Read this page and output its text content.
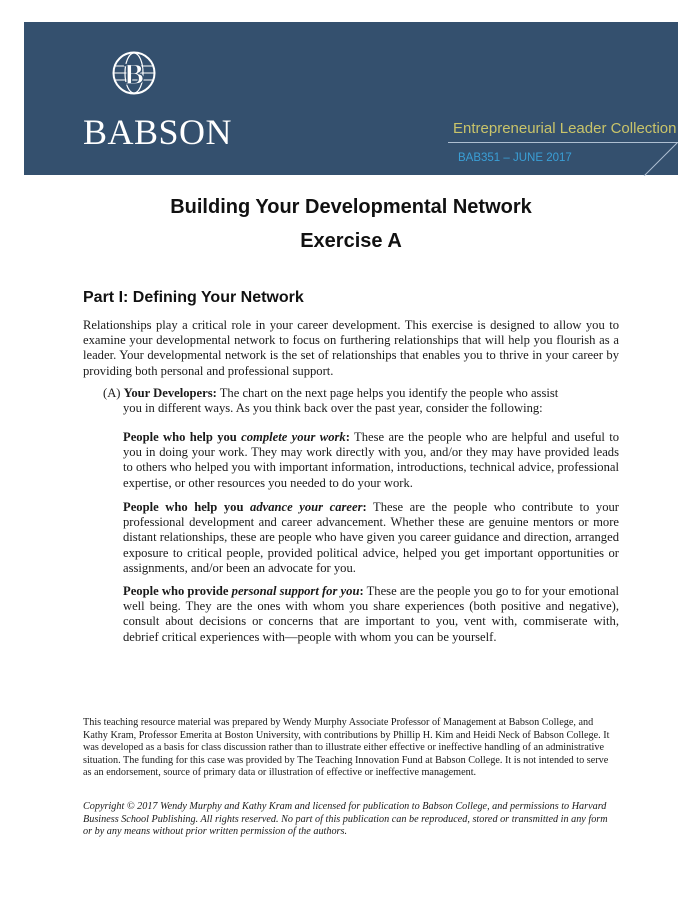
B
BABSON	Entrepreneurial Leader Collection
BAB351 – JUNE 2017
Building Your Developmental Network
Exercise A
Part I: Defining Your Network

Relationships play a critical role in your career development. This exercise is designed to allow you to examine your developmental network to focus on furthering relationships that will help you flourish as a leader. Your developmental network is the set of relationships that enables you to thrive in your career by providing both personal and professional support.

(A) Your Developers: The chart on the next page helps you identify the people who assist
you in different ways. As you think back over the past year, consider the following:

People who help you complete your work: These are the people who are helpful and useful to you in doing your work. They may work directly with you, and/or they may have provided leads to others who helped you with important information, introductions, technical advice, professional expertise, or other resources you needed to do your work.

People who help you advance your career: These are the people who contribute to your professional development and career advancement. Whether these are genuine mentors or more distant relationships, these are people who have given you career guidance and direction, arranged exposure to critical people, provided political advice, helped you get important opportunities or assignments, and/or been an advocate for you.

People who provide personal support for you: These are the people you go to for your emotional well being. They are the ones with whom you share experiences (both positive and negative), consult about decisions or concerns that are important to you, vent with, commiserate with, debrief critical experiences with—people with whom you can be yourself.

This teaching resource material was prepared by Wendy Murphy Associate Professor of Management at Babson College, and Kathy Kram, Professor Emerita at Boston University, with contributions by Phillip H. Kim and Heidi Neck of Babson College. It was developed as a basis for class discussion rather than to illustrate either effective or ineffective handling of an administrative situation. The funding for this case was provided by The Teaching Innovation Fund at Babson College. It is not intended to serve as an endorsement, source of primary data or illustration of effective or ineffective management.

Copyright © 2017 Wendy Murphy and Kathy Kram and licensed for publication to Babson College, and permissions to Harvard Business School Publishing. All rights reserved. No part of this publication can be reproduced, stored or transmitted in any form or by any means without prior written permission of the authors.
